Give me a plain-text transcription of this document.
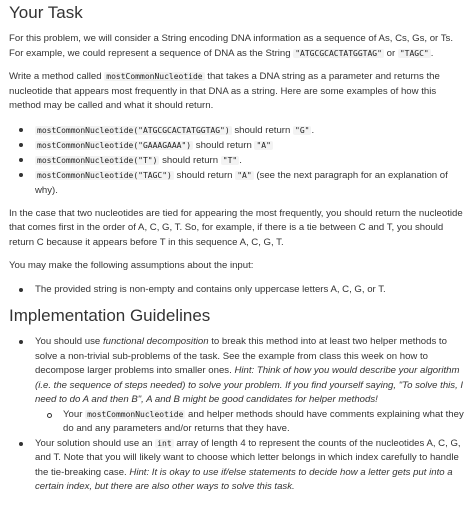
Your Task

For this problem, we will consider a String encoding DNA information as a sequence of As, Cs, Gs, or Ts. For example, we could represent a sequence of DNA as the String "ATGCGCACTATGGTAG" or "TAGC" .

Write a method called mostCommonNucleotide that takes a DNA string as a parameter and returns the nucleotide that appears most frequently in that DNA as a string. Here are some examples of how this method may be called and what it should return.

mostCommonNucleotide("ATGCGCACTATGGTAG") should return "G" .
mostCommonNucleotide("GAAAGAAA") should return "A"
mostCommonNucleotide("T") should return "T" .
mostCommonNucleotide("TAGC") should return "A" (see the next paragraph for an explanation of why).

In the case that two nucleotides are tied for appearing the most frequently, you should return the nucleotide that comes first in the order of A, C, G, T. So, for example, if there is a tie between C and T, you should return C because it appears before T in this sequence A, C, G, T.

You may make the following assumptions about the input:

The provided string is non-empty and contains only uppercase letters A, C, G, or T.
Implementation Guidelines
You should use functional decomposition to break this method into at least two helper methods to solve a non-trivial sub-problems of the task. See the example from class this week on how to decompose larger problems into smaller ones. Hint: Think of how you would describe your algorithm (i.e. the sequence of steps needed) to solve your problem. If you find yourself saying, "To solve this, I need to do A and then B", A and B might be good candidates for helper methods!
Your mostCommonNucleotide and helper methods should have comments explaining what they do and any parameters and/or returns that they have.
Your solution should use an int array of length 4 to represent the counts of the nucleotides A, C, G, and T. Note that you will likely want to choose which letter belongs in which index carefully to handle the tie-breaking case. Hint: It is okay to use if/else statements to decide how a letter gets put into a certain index, but there are also other ways to solve this task.
